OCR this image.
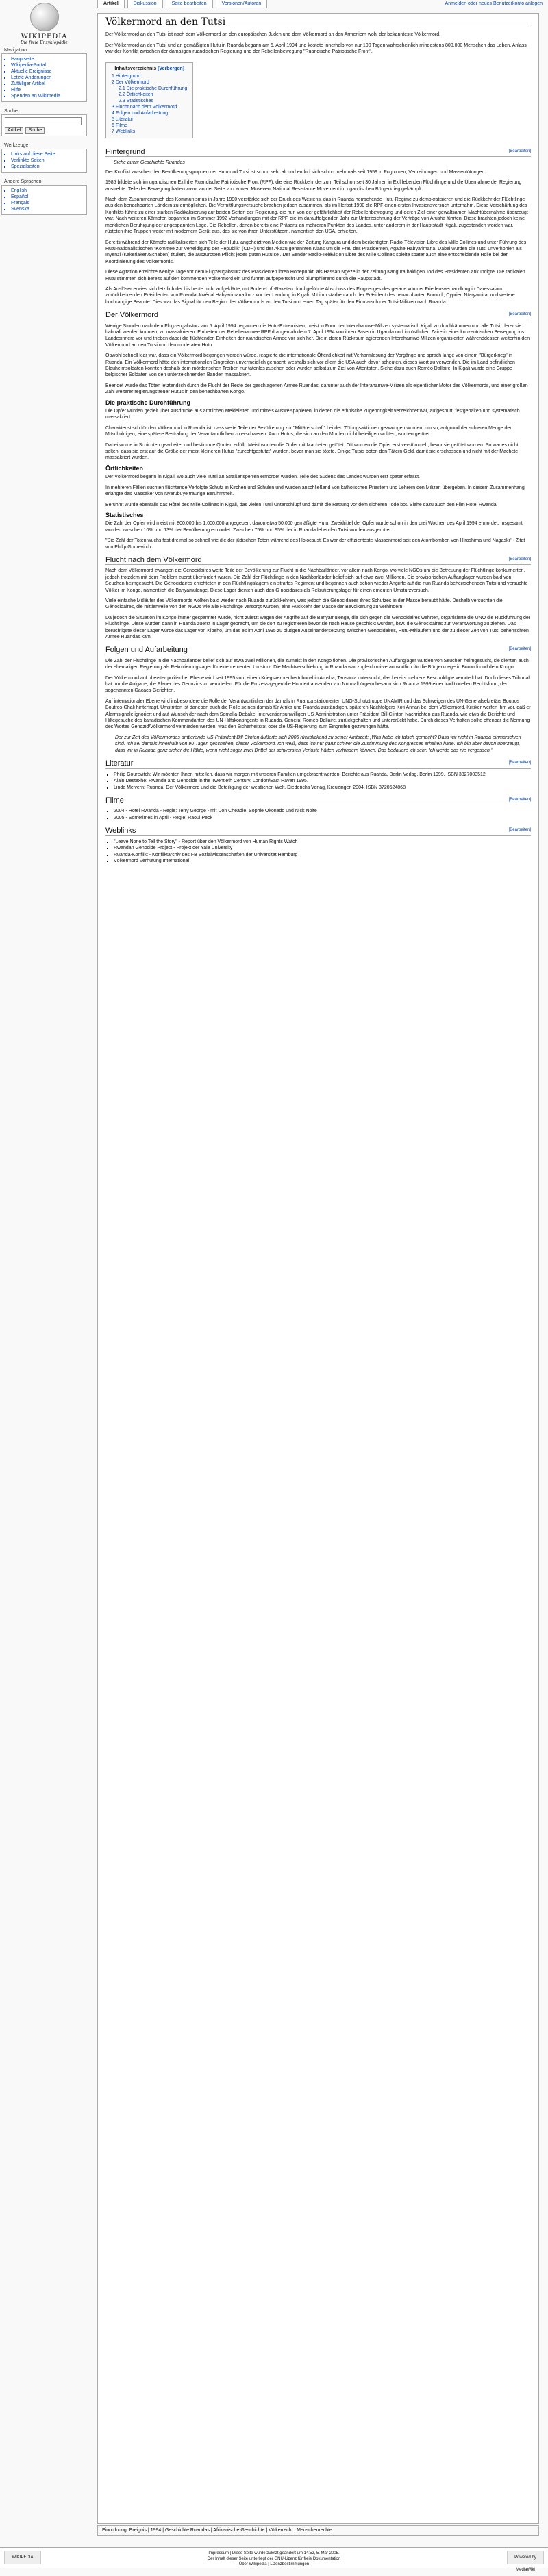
Anmelden oder neues Benutzerkonto anlegen
WIKIPEDIA
Die freie Enzyklopädie
Artikel	Diskussion	Seite bearbeiten	Versionen/Autoren
Navigation
▪ Hauptseite
▪ Wikipedia-Portal
▪ Aktuelle Ereignisse
▪ Letzte Änderungen
▪ Zufälliger Artikel
▪ Hilfe
▪ Spenden an Wikimedia
Suche
Artikel Suche
Werkzeuge
▪ Links auf diese Seite
▪ Verlinkte Seiten
▪ Spezialseiten
Andere Sprachen
▪ English
▪ Español
▪ Français
▪ Svenska
Völkermord an den Tutsi

Der Völkermord an den Tutsi ist nach dem Völkermord an den europäischen Juden und dem Völkermord an den Armeniern wohl der bekannteste Völkermord.

Der Völkermord an den Tutsi und an gemäßigten Hutu in Ruanda begann am 6. April 1994 und kostete innerhalb von nur 100 Tagen wahrscheinlich mindestens 800.000 Menschen das Leben. Anlass war der Konflikt zwischen der damaligen ruandischen Regierung und der Rebellenbewegung "Ruandische Patriotische Front".

Inhaltsverzeichnis [Verbergen]
1 Hintergrund
2 Der Völkermord
2.1 Die praktische Durchführung
2.2 Örtlichkeiten
2.3 Statistisches
3 Flucht nach dem Völkermord
4 Folgen und Aufarbeitung
5 Literatur
6 Filme
7 Weblinks
Hintergrund	[Bearbeiten]
Siehe auch: Geschichte Ruandas

Der Konflikt zwischen den Bevölkerungsgruppen der Hutu und Tutsi ist schon sehr alt und entlud sich schon mehrmals seit 1959 in Pogromen, Vertreibungen und Massentötungen.

1985 bildete sich im ugandischen Exil die Ruandische Patriotische Front (RPF), die eine Rückkehr der zum Teil schon seit 30 Jahren in Exil lebenden Flüchtlinge und die Übernahme der Regierung anstrebte. Teile der Bewegung hatten zuvor an der Seite von Yoweri Museveni National Resistance Movement im ugandischen Bürgerkrieg gekämpft.

Nach dem Zusammenbruch des Kommunismus in Jahre 1990 verstärkte sich der Druck des Westens, das in Ruanda herrschende Hutu-Regime zu demokratisieren und die Rückkehr der Flüchtlinge aus den benachbarten Ländern zu ermöglichen. Die Vermittlungsversuche brachen jedoch zusammen, als im Herbst 1990 die RPF einen ersten Invasionsversuch unternahm. Diese Verschärfung des Konflikts führte zu einer starken Radikalisierung auf beiden Seiten der Regierung, die nun von der gefährlichkeit der Rebellenbewegung und deren Ziel einer gewaltsamen Machtübernahme überzeugt war. Nach weiteren Kämpfen begannen im Sommer 1992 Verhandlungen mit der RPF, die im darauffolgenden Jahr zur Unterzeichnung der Verträge von Arusha führten. Diese brachten jedoch keine merklichen Beruhigung der angespannten Lage. Die Rebellen, denen bereits eine Präsenz an mehreren Punkten des Landes, unter anderem in der Hauptstadt Kigali, zugestanden worden war, rüsteten ihre Truppen weiter mit modernem Gerät aus, das sie von ihren Unterstützern, namentlich den USA, erhielten.

Bereits während der Kämpfe radikalisierten sich Teile der Hutu, angeheizt von Medien wie der Zeitung Kangura und dem berüchtigten Radio-Télévision Libre des Mille Collines und unter Führung des Hutu-nationalistischen "Komittee zur Verteidigung der Republik" (CDR) und der Akazu genannten Klans um die Frau des Präsidenten, Agathe Habyarimana. Dabei wurden die Tutsi unverhohlen als Inyenzi (Kakerlaken/Schaben) tituliert, die auszurotten Pflicht jedes guten Hutu sei. Der Sender Radio-Télévision Libre des Mille Collines spielte später auch eine entscheidende Rolle bei der Koordinierung des Völkermords.

Diese Agitation erreichte wenige Tage vor dem Flugzeugabsturz des Präsidenten ihren Höhepunkt, als Hassan Ngeze in der Zeitung Kangura baldigen Tod des Präsidenten ankündigte. Die radikalen Hutu stimmten sich bereits auf den kommenden Völkermord ein und führen aufgepeitscht und triumphierend durch die Hauptstadt.

Als Auslöser erwies sich letztlich der bis heute nicht aufgeklärte, mit Boden-Luft-Raketen durchgeführte Abschuss des Flugzeuges des gerade von der Friedensverhandlung in Daressalam zurückkehrenden Präsidenten von Ruanda Juvénal Habyarimana kurz vor der Landung in Kigali. Mit ihm starben auch der Präsident des benachbarten Burundi, Cyprien Ntaryamira, und weitere hochrangige Beamte. Dies war das Signal für den Beginn des Völkermords an den Tutsi und einen Tag später für den Einmarsch der Tutsi-Militzen nach Ruanda.

Der Völkermord	[Bearbeiten]

Wenige Stunden nach dem Flugzeugabsturz am 6. April 1994 begannen die Hutu-Extremisten, meist in Form der Interahamwe-Milizen systematisch Kigali zu durchkämmen und alle Tutsi, derer sie habhaft werden konnten, zu massakrieren. Einheiten der Rebellenarmee RPF drangen ab dem 7. April 1994 von ihren Basen in Uganda und im östlichen Zaire in einer konzentrischen Bewegung ins Landesinnere vor und trieben dabei die flüchtenden Einheiten der ruandischen Armee vor sich her. Die in deren Rückraum agierenden Interahamwe-Milizen organisierten währenddessen weiterhin den Völkermord an den Tutsi und den moderaten Hutu.

Obwohl schnell klar war, dass ein Völkermord begangen werden würde, reagierte die internationale Öffentlichkeit mit Verharmlosung der Vorgänge und sprach lange von einem "Bürgerkrieg" in Ruanda. Ein Völkermord hätte den internationalen Eingreifen unvermeidlich gemacht, weshalb sich vor allem die USA auch davor scheuten, dieses Wort zu verwenden. Die im Land befindlichen Blauhelmsoldaten konnten deshalb dem mörderischen Treiben nur tatenlos zusehen oder wurden selbst zum Ziel von Attentaten. Siehe dazu auch Roméo Dallaire. In Kigali wurde eine Gruppe belgischer Soldaten von den unterzeichnenden Banden massakriert.

Beendet wurde das Töten letztendlich durch die Flucht der Reste der geschlagenen Armee Ruandas, darunter auch der Interahamwe-Milizen als eigentlicher Motor des Völkermords, und einer großen Zahl weiterer regierungstreuer Hutus in den benachbarten Kongo.

Die praktische Durchführung

Die Opfer wurden gezielt über Ausdrucke aus amtlichen Meldelisten und mittels Ausweispapieren, in denen die ethnische Zugehörigkeit verzeichnet war, aufgespürt, festgehalten und systematisch massakriert.

Charakteristisch für den Völkermord in Ruanda ist, dass weite Teile der Bevölkerung zur "Mittäterschaft" bei den Tötungsaktionen gezwungen wurden, um so, aufgrund der schieren Menge der Mitschuldigen, eine spätere Bestrafung der Verantwortlichen zu erschweren. Auch Hutus, die sich an den Morden nicht beteiligen wollten, wurden getötet.

Dabei wurde in Schichten gearbeitet und bestimmte Quoten erfüllt. Meist wurden die Opfer mit Macheten getötet. Oft wurden die Opfer erst verstümmelt, bevor sie getötet wurden. So war es nicht selten, dass sie erst auf die Größe der meist kleineren Hutus "zurechtgestutzt" wurden, bevor man sie tötete. Einige Tutsis boten den Tätern Geld, damit sie erschossen und nicht mit der Machete massakriert wurden.

Örtlichkeiten

Der Völkermord begann in Kigali, wo auch viele Tutsi an Straßensperren ermordet wurden. Teile des Südens des Landes wurden erst später erfasst.

In mehreren Fällen suchten flüchtende Verfolgte Schutz in Kirchen und Schulen und wurden anschließend von katholischen Priestern und Lehrern den Milizen übergeben. In diesem Zusammenhang erlangte das Massaker von Nyarubuye traurige Berühmtheit.

Berühmt wurde ebenfalls das Hôtel des Mille Collines in Kigali, das vielen Tutsi Unterschlupf und damit die Rettung vor dem sicheren Tode bot. Siehe dazu auch den Film Hotel Rwanda.

Statistisches

Die Zahl der Opfer wird meist mit 800.000 bis 1.000.000 angegeben, davon etwa 50.000 gemäßigte Hutu. Zweidrittel der Opfer wurde schon in den drei Wochen des April 1994 ermordet. Insgesamt wurden zwischen 10% und 13% der Bevölkerung ermordet. Zwischen 75% und 95% der in Ruanda lebenden Tutsi wurden ausgerottet.

"Die Zahl der Toten wuchs fast dreimal so schnell wie die der jüdischen Toten während des Holocaust. Es war der effizienteste Massenmord seit den Atombomben von Hiroshima und Nagaski" - Zitat von Philip Gourevitch

Flucht nach dem Völkermord	[Bearbeiten]

Nach dem Völkermord zwangen die Génocidaires weite Teile der Bevölkerung zur Flucht in die Nachbarländer, vor allem nach Kongo, wo viele NGOs um die Betreuung der Flüchtlinge konkurrierten, jedoch trotzdem mit dem Problem zuerst überfordert waren. Die Zahl der Flüchtlinge in den Nachbarländer belief sich auf etwa zwei Millionen. Die provisorischen Auffanglager wurden bald von Seuchen heimgesucht. Die Génocidaires errichteten in den Flüchtlingslagern ein straffes Regiment und begannen auch schon wieder Angriffe auf die nun Ruanda beherrschenden Tutsi und versuchte Völker im Kongo, namentlich die Banyamulenge. Diese Lager dienten auch den G nocidaires als Rekrutierungslager für einen erneuten Umsturzversuch.

Viele einfache Mitläufer des Völkermords wollten bald wieder nach Ruanda zurückkehren, was jedoch die Génocidaires ihres Schutzes in der Masse beraubt hätte. Deshalb versuchten die Génocidaires, die mittlerweile von den NGOs wie alle Flüchtlinge versorgt wurden, eine Rückkehr der Masse der Bevölkerung zu verhindern.

Da jedoch die Situation im Kongo immer gespannter wurde, nicht zuletzt wegen der Angriffe auf die Banyamulenge, die sich gegen die Génocidaires wehrten, organisierte die UNO die Rückführung der Flüchtlinge. Diese wurden dann in Ruanda zuerst in Lager gebracht, um sie dort zu registrieren bevor sie nach Hause geschickt wurden, bzw. die Génocidaires zur Verantwortung zu ziehen. Das berüchtigste dieser Lager wurde das Lager von Kibeho, um das es im April 1995 zu blutigen Auseinandersetzung zwischen Génocidaires, Hutu-Mitläufern und der zu dieser Zeit von Tutsi beherrschten Armee Ruandas kam.

Folgen und Aufarbeitung	[Bearbeiten]

Die Zahl der Flüchtlinge in die Nachbarländer belief sich auf etwa zwei Millionen, die zumeist in den Kongo flohen. Die provisorischen Auffanglager wurden von Seuchen heimgesucht, sie dienten auch der ehemaligen Regierung als Rekrutierungslager für einen erneuten Umsturz. Die Machtverschiebung in Ruanda war zugleich mitverantwortlich für die Bürgerkriege in Burundi und dem Kongo.

Der Völkermord auf oberster politischer Ebene wird seit 1995 vom einem Kriegsverbrechertribunal in Arusha, Tansania untersucht, das bereits mehrere Beschuldigte verurteilt hat. Doch dieses Tribunal hat nur die Aufgabe, die Planer des Genozids zu verurteilen. Für die Prozess-gegen die Hunderttausenden von Normalbürgern besann sich Ruanda 1999 einer traditionellen Rechtsform, der sogenannten Gacaca-Gerichten.

Auf internationaler Ebene wird insbesondere die Rolle der Verantwortlichen der damals in Ruanda stationierten UNO-Schutztruppe UNAMIR und das Schweigen des UN-Generalsekretärs Boutros Boutros-Ghali hinterfragt. Umstritten ist daneben auch die Rolle seines damals für Afrika und Ruanda zuständigen, späteren Nachfolgers Kofi Annan bei dem Völkermord. Kritiker werfen ihm vor, daß er Alarmsignale ignoriert und auf Wunsch der nach dem Somalia-Debakel interventionsunwilligen US-Administration unter Präsident Bill Clinton Nachrichten aus Ruanda, wie etwa die Berichte und Hilfegesuche des kanadischen Kommandanten des UN-Hilfskontingents in Ruanda, General Roméo Dallaire, zurückgehalten und unterdrückt habe. Durch dieses Verhalten sollte offenbar die Nennung des Wortes Genozid/Völkermord vermieden werden, was den Sicherheitsrat oder die US-Regierung zum Eingreifen gezwungen hätte.

Der zur Zeit des Völkermordes amtierende US-Präsident Bill Clinton äußerte sich 2005 rückblickend zu seiner Amtszeit: „Was habe ich falsch gemacht? Dass wir nicht in Ruanda einmarschiert sind. Ich sei damals innerhalb von 90 Tagen geschehen, dieser Völkermord. Ich weiß, dass ich nur ganz schwer die Zustimmung des Kongresses erhalten hätte. Ich bin aber davon überzeugt, dass wir in Ruanda ganz sicher die Hälfte, wenn nicht sogar zwei Drittel der schwersten Verluste hätten verhindern können. Das bedauere ich sehr. Ich werde das nie vergessen."

Literatur	[Bearbeiten]
▪ Philip Gourevitch: Wir möchten Ihnen mitteilen, dass wir morgen mit unseren Familien umgebracht werden. Berichte aus Ruanda. Berlin Verlag, Berlin 1999. ISBN 3827003512
▪ Alain Destexhe: Rwanda and Genocide in the Twentieth Century. London/East Haven 1995.
▪ Linda Melvern: Ruanda. Der Völkermord und die Beteiligung der westlichen Welt. Diederichs Verlag, Kreuzingen 2004. ISBN 3720524868
Filme	[Bearbeiten]
▪ 2004 - Hotel Rwanda - Regie: Terry George - mit Don Cheadle, Sophie Okonedo und Nick Nolte
▪ 2005 - Sometimes in April - Regie: Raoul Peck
Weblinks	[Bearbeiten]
▪ "Leave None to Tell the Story" - Report über den Völkermord von Human Rights Watch
▪ Rwandan Genocide Project - Projekt der Yale University
▪ Ruanda-Konflikt - Konfliktarchiv des FB Sozialwissenschaften der Universität Hamburg
▪ Völkermord Verhütung International
Einordnung: Ereignis | 1994 | Geschichte Ruandas | Afrikanische Geschichte | Völkerrecht | Menschenrechte
WIKIPEDIA
Impressum | Diese Seite wurde zuletzt geändert um 14:52, 5. Mär 2005.
Der Inhalt dieser Seite unterliegt der GNU-Lizenz für freie Dokumentation
Über Wikipedia | Lizenzbestimmungen
Powered by MediaWiki
